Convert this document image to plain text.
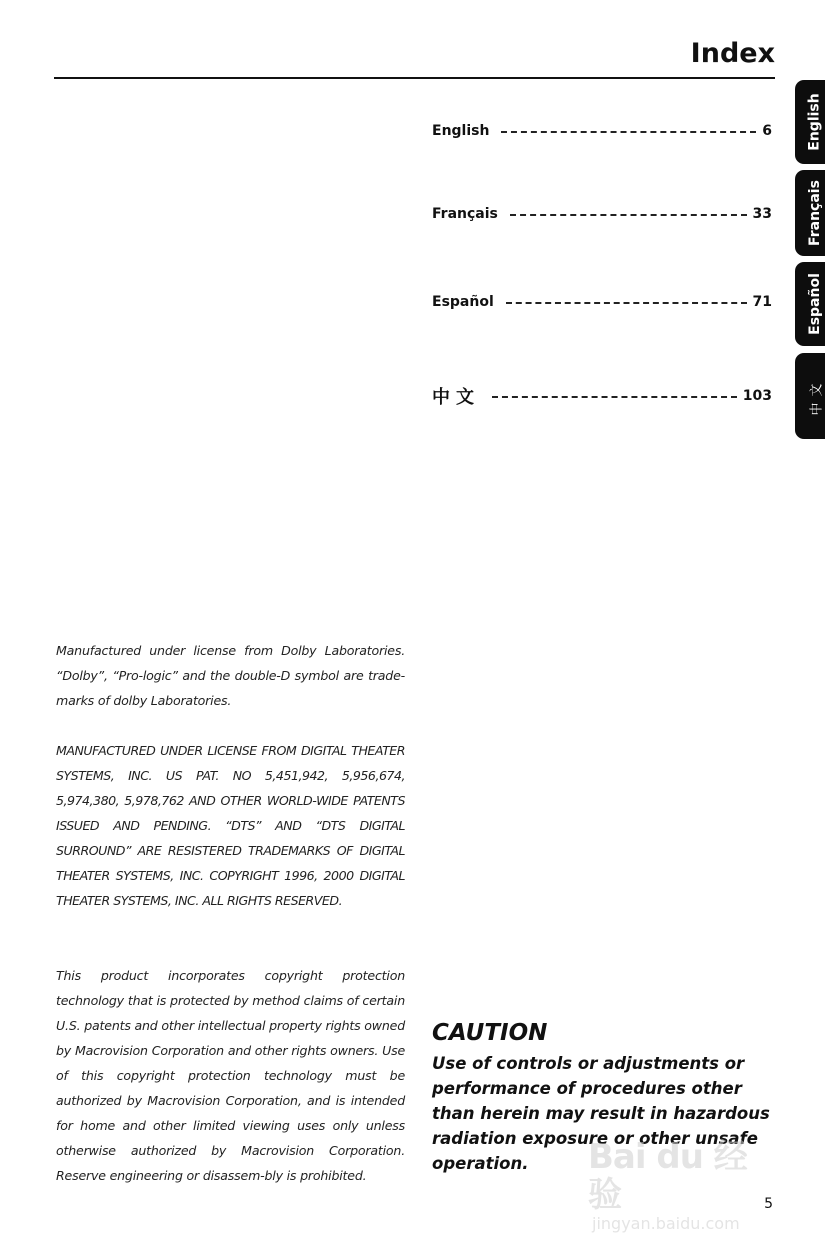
Index
English	6
Français	33
Español	71
中文	103
English
Français
Español
中文

Manufactured under license from Dolby Laboratories. “Dolby”, “Pro-logic” and the double-D symbol are trade-marks of dolby Laboratories.

MANUFACTURED UNDER LICENSE FROM DIGITAL THEATER SYSTEMS, INC. US PAT. NO 5,451,942, 5,956,674, 5,974,380, 5,978,762 AND OTHER WORLD-WIDE PATENTS ISSUED AND PENDING. “DTS” AND “DTS DIGITAL SURROUND” ARE RESISTERED TRADEMARKS OF DIGITAL THEATER SYSTEMS, INC. COPYRIGHT 1996, 2000 DIGITAL THEATER SYSTEMS, INC. ALL RIGHTS RESERVED.

This product incorporates copyright protection technology that is protected by method claims of certain U.S. patents and other intellectual property rights owned by Macrovision Corporation and other rights owners. Use of this copyright protection technology must be authorized by Macrovision Corporation, and is intended for home and other limited viewing uses only unless otherwise authorized by Macrovision Corporation. Reserve engineering or disassem-bly is prohibited.

CAUTION

Use of controls or adjustments or performance of procedures other than herein may result in hazardous radiation exposure or other unsafe operation.	Bai du 经验
jingyan.baidu.com
5
